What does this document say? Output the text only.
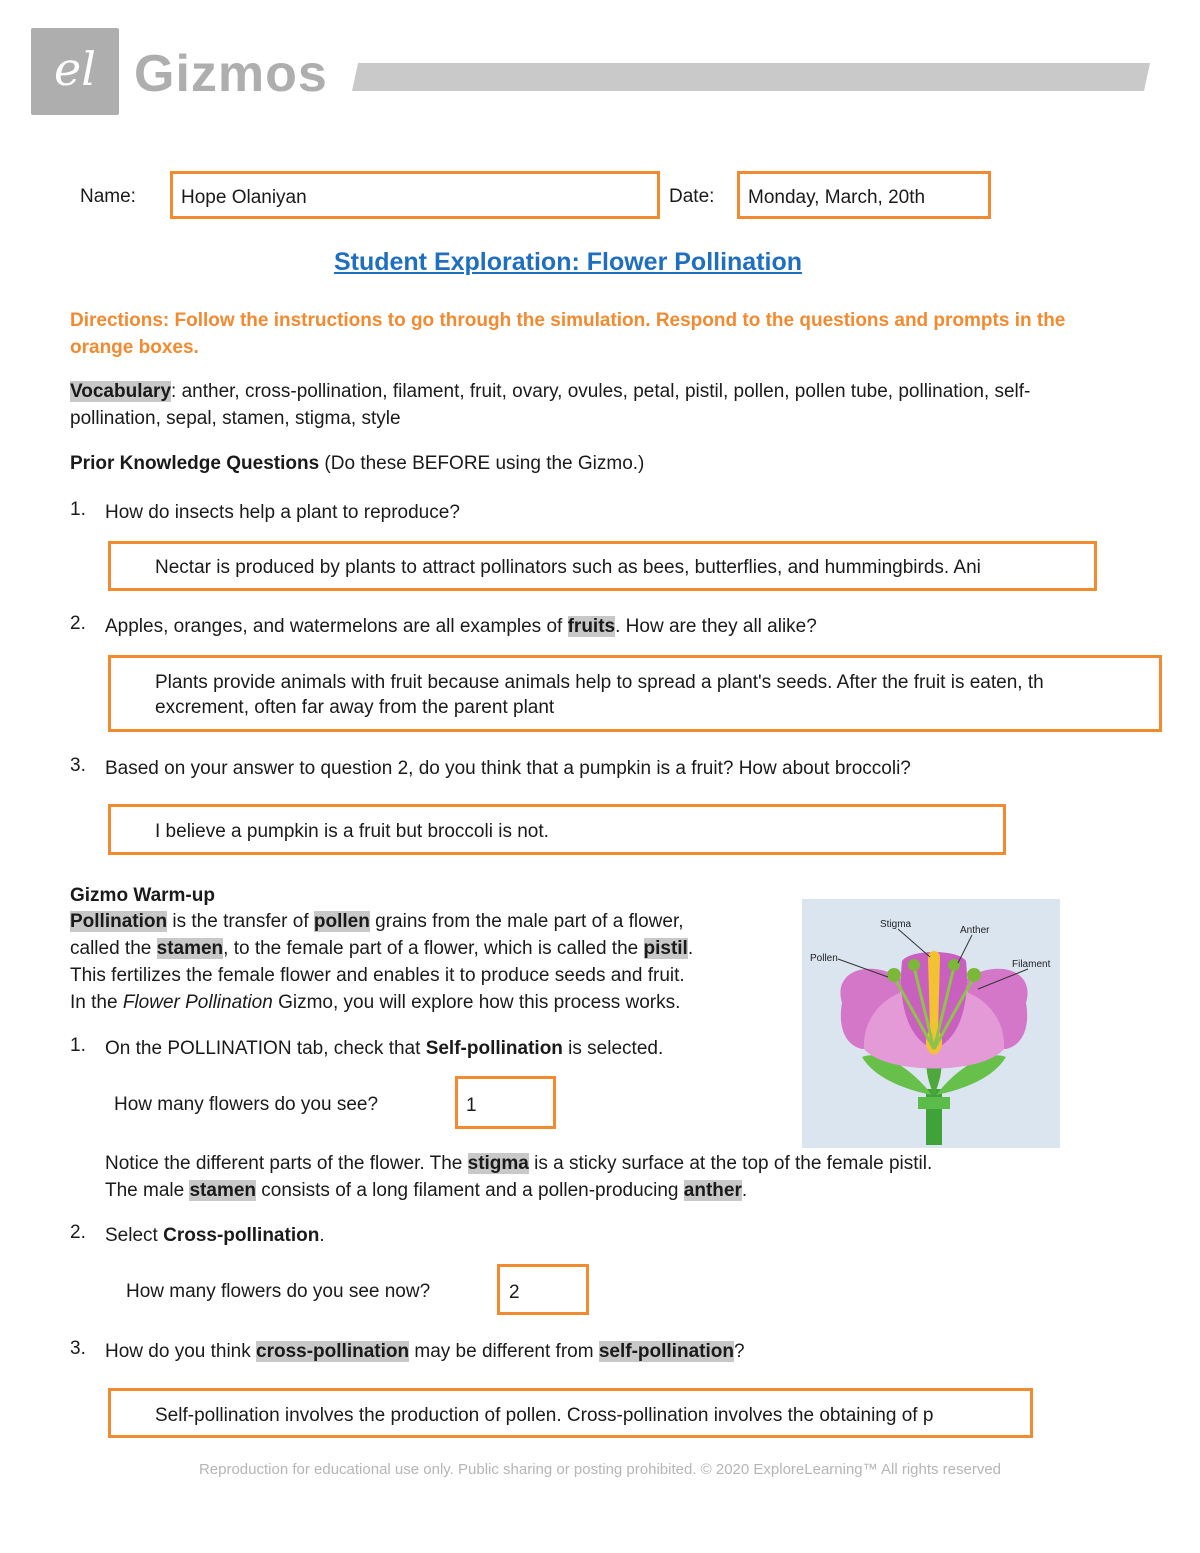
el Gizmos
Name: Hope Olaniyan	Date: Monday, March, 20th
Student Exploration: Flower Pollination
Directions: Follow the instructions to go through the simulation. Respond to the questions and prompts in the orange boxes.
Vocabulary: anther, cross-pollination, filament, fruit, ovary, ovules, petal, pistil, pollen, pollen tube, pollination, self-pollination, sepal, stamen, stigma, style
Prior Knowledge Questions (Do these BEFORE using the Gizmo.)
1. How do insects help a plant to reproduce?
Nectar is produced by plants to attract pollinators such as bees, butterflies, and hummingbirds. Ani
2. Apples, oranges, and watermelons are all examples of fruits. How are they all alike?
Plants provide animals with fruit because animals help to spread a plant's seeds. After the fruit is eaten, th
excrement, often far away from the parent plant
3. Based on your answer to question 2, do you think that a pumpkin is a fruit? How about broccoli?
I believe a pumpkin is a fruit but broccoli is not.
Gizmo Warm-up
Pollination is the transfer of pollen grains from the male part of a flower,
called the stamen, to the female part of a flower, which is called the pistil.
This fertilizes the female flower and enables it to produce seeds and fruit.
In the Flower Pollination Gizmo, you will explore how this process works.
1. On the POLLINATION tab, check that Self-pollination is selected.
How many flowers do you see?	1
Notice the different parts of the flower. The stigma is a sticky surface at the top of the female pistil.
The male stamen consists of a long filament and a pollen-producing anther.
2. Select Cross-pollination.
How many flowers do you see now?	2
3. How do you think cross-pollination may be different from self-pollination?
Self-pollination involves the production of pollen. Cross-pollination involves the obtaining of p
Stigma
Anther
Pollen
Filament
Reproduction for educational use only. Public sharing or posting prohibited. © 2020 ExploreLearning™ All rights reserved
